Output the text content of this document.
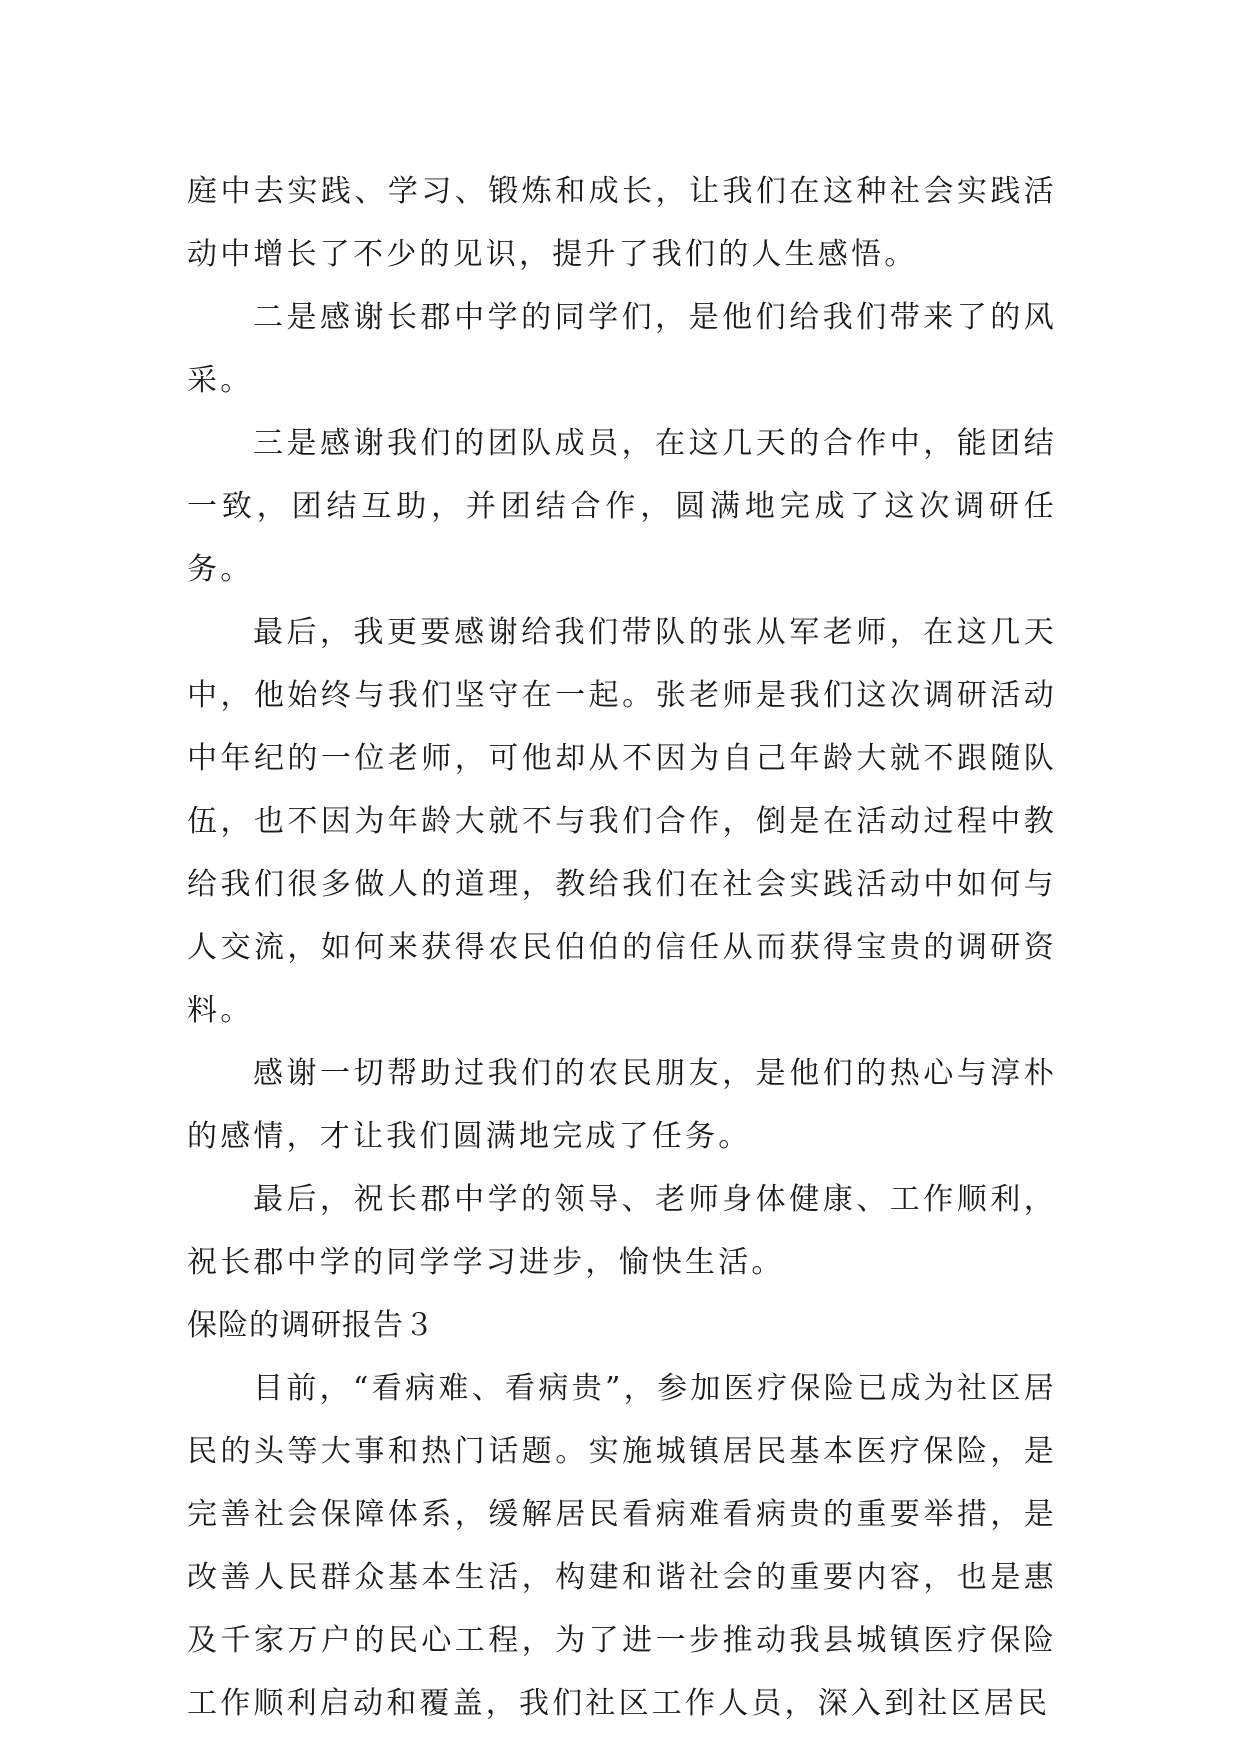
庭中去实践、学习、锻炼和成长，让我们在这种社会实践活动中增长了不少的见识，提升了我们的人生感悟。

二是感谢长郡中学的同学们，是他们给我们带来了的风采。

三是感谢我们的团队成员，在这几天的合作中，能团结一致，团结互助，并团结合作，圆满地完成了这次调研任务。

最后，我更要感谢给我们带队的张从军老师，在这几天中，他始终与我们坚守在一起。张老师是我们这次调研活动中年纪的一位老师，可他却从不因为自己年龄大就不跟随队伍，也不因为年龄大就不与我们合作，倒是在活动过程中教给我们很多做人的道理，教给我们在社会实践活动中如何与人交流，如何来获得农民伯伯的信任从而获得宝贵的调研资料。

感谢一切帮助过我们的农民朋友，是他们的热心与淳朴的感情，才让我们圆满地完成了任务。

最后，祝长郡中学的领导、老师身体健康、工作顺利，祝长郡中学的同学学习进步，愉快生活。

保险的调研报告３

目前，“看病难、看病贵”，参加医疗保险已成为社区居民的头等大事和热门话题。实施城镇居民基本医疗保险，是完善社会保障体系，缓解居民看病难看病贵的重要举措，是改善人民群众基本生活，构建和谐社会的重要内容，也是惠及千家万户的民心工程，为了进一步推动我县城镇医疗保险工作顺利启动和覆盖，我们社区工作人员，深入到社区居民
